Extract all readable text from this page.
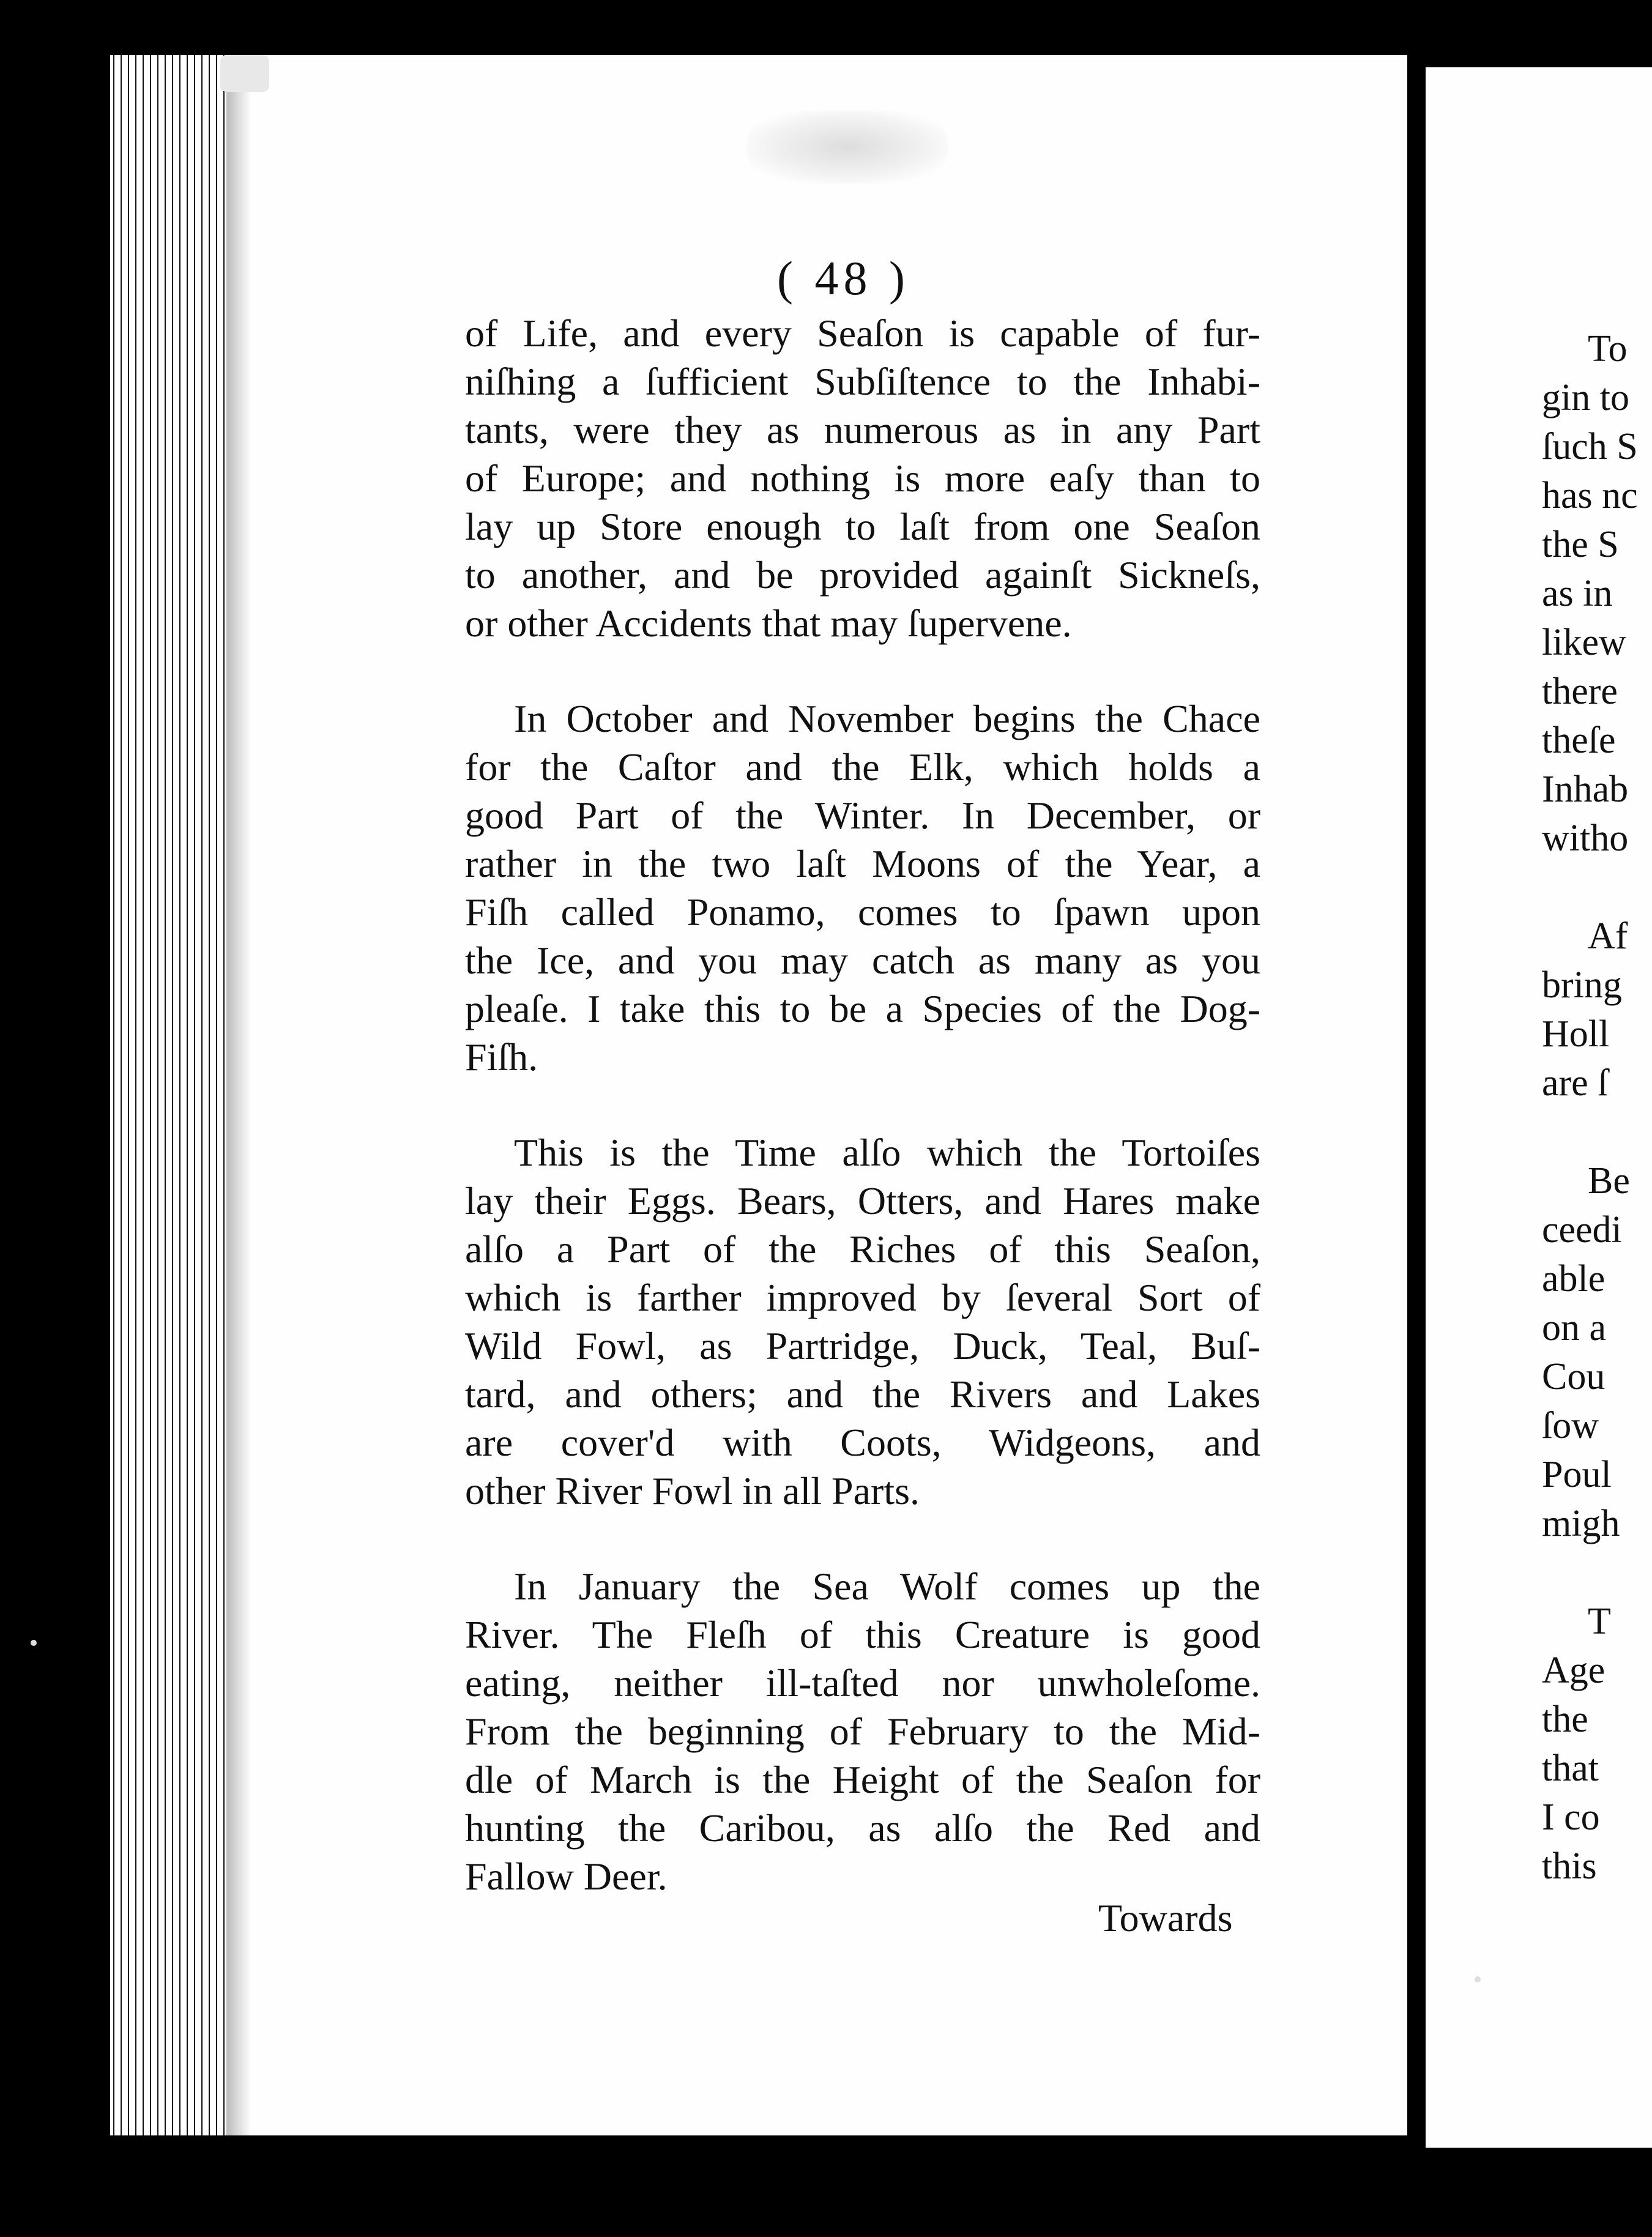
( 48 )

of Life, and every Seaſon is capable of fur-
niſhing a ſufficient Subſiſtence to the Inhabi-
tants, were they as numerous as in any Part
of Europe; and nothing is more eaſy than to
lay up Store enough to laſt from one Seaſon
to another, and be provided againſt Sickneſs,
or other Accidents that may ſupervene.

In October and November begins the Chace
for the Caſtor and the Elk, which holds a
good Part of the Winter. In December, or
rather in the two laſt Moons of the Year, a
Fiſh called Ponamo, comes to ſpawn upon
the Ice, and you may catch as many as you
pleaſe. I take this to be a Species of the Dog-
Fiſh.

This is the Time alſo which the Tortoiſes
lay their Eggs. Bears, Otters, and Hares make
alſo a Part of the Riches of this Seaſon,
which is farther improved by ſeveral Sort of
Wild Fowl, as Partridge, Duck, Teal, Buſ-
tard, and others; and the Rivers and Lakes
are cover'd with Coots, Widgeons, and
other River Fowl in all Parts.

In January the Sea Wolf comes up the
River. The Fleſh of this Creature is good
eating, neither ill-taſted nor unwholeſome.
From the beginning of February to the Mid-
dle of March is the Height of the Seaſon for
hunting the Caribou, as alſo the Red and
Fallow Deer.

Towards
To
gin to
ſuch S
has nc
the S
as in
likew
there
theſe
Inhab
witho
Af
bring
Holl
are ſ
Be
ceedi
able
on a
Cou
ſow
Poul
migh
T
Age
the
that
I co
this
